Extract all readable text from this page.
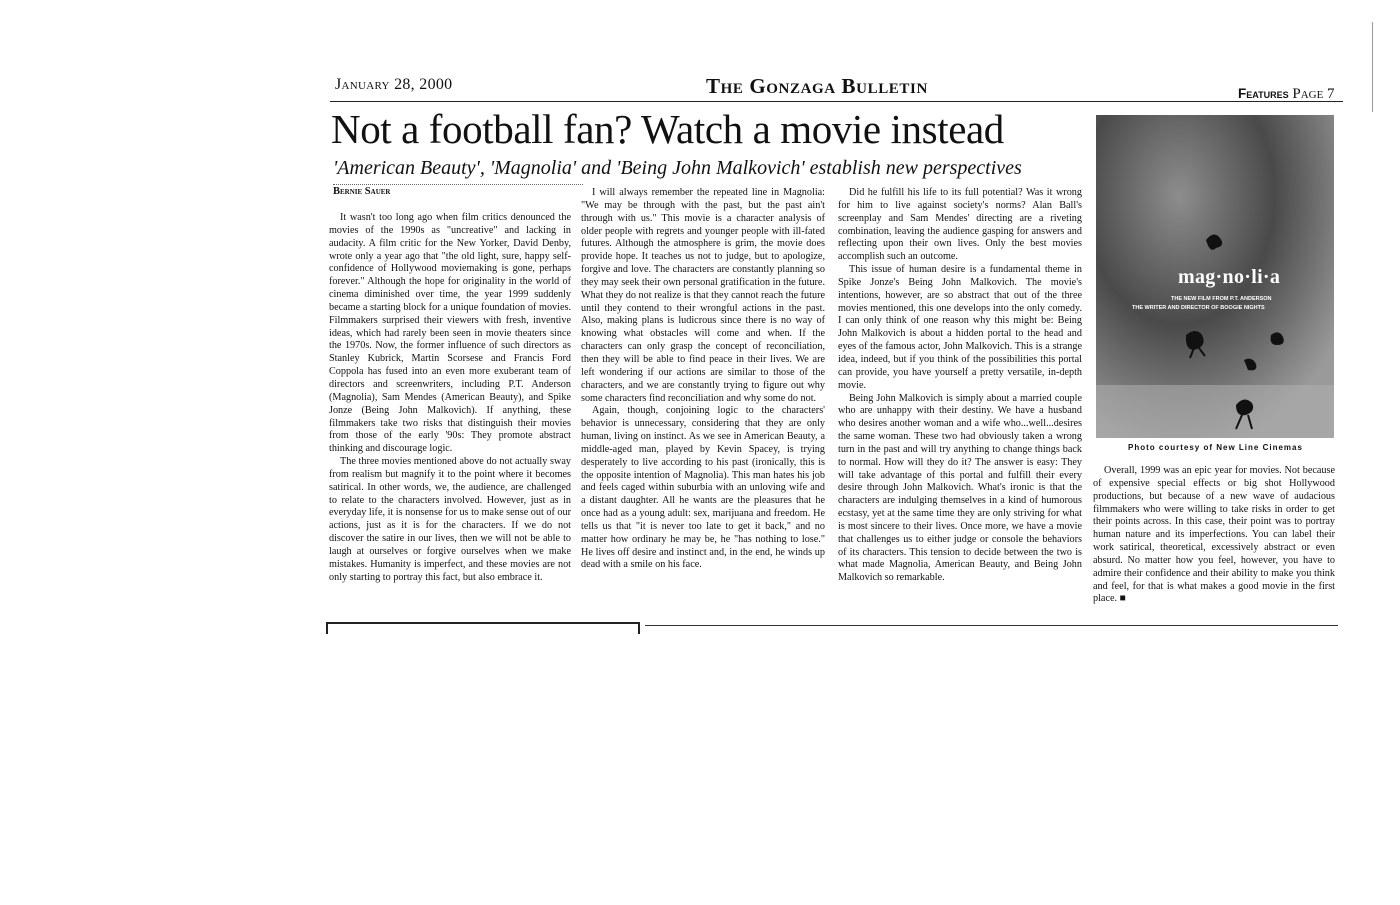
January 28, 2000	The Gonzaga Bulletin	Features Page 7
Not a football fan? Watch a movie instead
'American Beauty', 'Magnolia' and 'Being John Malkovich' establish new perspectives
Bernie Sauer

It wasn't too long ago when film critics denounced the movies of the 1990s as "uncreative" and lacking in audacity. A film critic for the New Yorker, David Denby, wrote only a year ago that "the old light, sure, happy self-confidence of Hollywood moviemaking is gone, perhaps forever." Although the hope for originality in the world of cinema diminished over time, the year 1999 suddenly became a starting block for a unique foundation of movies. Filmmakers surprised their viewers with fresh, inventive ideas, which had rarely been seen in movie theaters since the 1970s. Now, the former influence of such directors as Stanley Kubrick, Martin Scorsese and Francis Ford Coppola has fused into an even more exuberant team of directors and screenwriters, including P.T. Anderson (Magnolia), Sam Mendes (American Beauty), and Spike Jonze (Being John Malkovich). If anything, these filmmakers take two risks that distinguish their movies from those of the early '90s: They promote abstract thinking and discourage logic.

The three movies mentioned above do not actually sway from realism but magnify it to the point where it becomes satirical. In other words, we, the audience, are challenged to relate to the characters involved. However, just as in everyday life, it is nonsense for us to make sense out of our actions, just as it is for the characters. If we do not discover the satire in our lives, then we will not be able to laugh at ourselves or forgive ourselves when we make mistakes. Humanity is imperfect, and these movies are not only starting to portray this fact, but also embrace it.

I will always remember the repeated line in Magnolia: "We may be through with the past, but the past ain't through with us." This movie is a character analysis of older people with regrets and younger people with ill-fated futures. Although the atmosphere is grim, the movie does provide hope. It teaches us not to judge, but to apologize, forgive and love. The characters are constantly planning so they may seek their own personal gratification in the future. What they do not realize is that they cannot reach the future until they contend to their wrongful actions in the past. Also, making plans is ludicrous since there is no way of knowing what obstacles will come and when. If the characters can only grasp the concept of reconciliation, then they will be able to find peace in their lives. We are left wondering if our actions are similar to those of the characters, and we are constantly trying to figure out why some characters find reconciliation and why some do not.

Again, though, conjoining logic to the characters' behavior is unnecessary, considering that they are only human, living on instinct. As we see in American Beauty, a middle-aged man, played by Kevin Spacey, is trying desperately to live according to his past (ironically, this is the opposite intention of Magnolia). This man hates his job and feels caged within suburbia with an unloving wife and a distant daughter. All he wants are the pleasures that he once had as a young adult: sex, marijuana and freedom. He tells us that "it is never too late to get it back," and no matter how ordinary he may be, he "has nothing to lose." He lives off desire and instinct and, in the end, he winds up dead with a smile on his face.

Did he fulfill his life to its full potential? Was it wrong for him to live against society's norms? Alan Ball's screenplay and Sam Mendes' directing are a riveting combination, leaving the audience gasping for answers and reflecting upon their own lives. Only the best movies accomplish such an outcome.

This issue of human desire is a fundamental theme in Spike Jonze's Being John Malkovich. The movie's intentions, however, are so abstract that out of the three movies mentioned, this one develops into the only comedy. I can only think of one reason why this might be: Being John Malkovich is about a hidden portal to the head and eyes of the famous actor, John Malkovich. This is a strange idea, indeed, but if you think of the possibilities this portal can provide, you have yourself a pretty versatile, in-depth movie.

Being John Malkovich is simply about a married couple who are unhappy with their destiny. We have a husband who desires another woman and a wife who...well...desires the same woman. These two had obviously taken a wrong turn in the past and will try anything to change things back to normal. How will they do it? The answer is easy: They will take advantage of this portal and fulfill their every desire through John Malkovich. What's ironic is that the characters are indulging themselves in a kind of humorous ecstasy, yet at the same time they are only striving for what is most sincere to their lives. Once more, we have a movie that challenges us to either judge or console the behaviors of its characters. This tension to decide between the two is what made Magnolia, American Beauty, and Being John Malkovich so remarkable.

mag·no·li·a
THE NEW FILM FROM P.T. ANDERSON
THE WRITER AND DIRECTOR OF BOOGIE NIGHTS
Photo courtesy of New Line Cinemas

Overall, 1999 was an epic year for movies. Not because of expensive special effects or big shot Hollywood productions, but because of a new wave of audacious filmmakers who were willing to take risks in order to get their points across. In this case, their point was to portray human nature and its imperfections. You can label their work satirical, theoretical, excessively abstract or even absurd. No matter how you feel, however, you have to admire their confidence and their ability to make you think and feel, for that is what makes a good movie in the first place. ■
